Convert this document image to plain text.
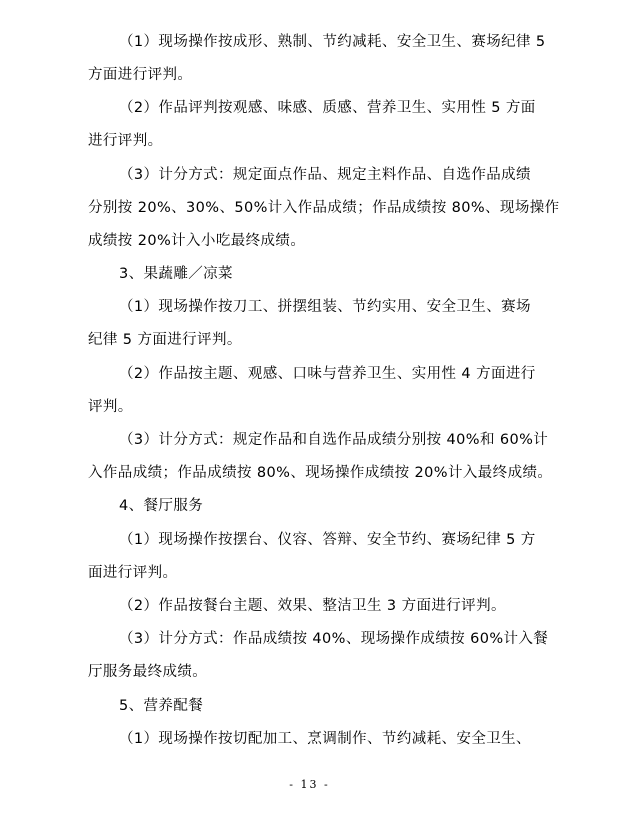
（1）现场操作按成形、熟制、节约减耗、安全卫生、赛场纪律 5
方面进行评判。
（2）作品评判按观感、味感、质感、营养卫生、实用性 5 方面
进行评判。
（3）计分方式：规定面点作品、规定主料作品、自选作品成绩
分别按 20%、30%、50%计入作品成绩；作品成绩按 80%、现场操作
成绩按 20%计入小吃最终成绩。
3、果蔬雕／凉菜
（1）现场操作按刀工、拼摆组装、节约实用、安全卫生、赛场
纪律 5 方面进行评判。
（2）作品按主题、观感、口味与营养卫生、实用性 4 方面进行
评判。
（3）计分方式：规定作品和自选作品成绩分别按 40%和 60%计
入作品成绩；作品成绩按 80%、现场操作成绩按 20%计入最终成绩。
4、餐厅服务
（1）现场操作按摆台、仪容、答辩、安全节约、赛场纪律 5 方
面进行评判。
（2）作品按餐台主题、效果、整洁卫生 3 方面进行评判。
（3）计分方式：作品成绩按 40%、现场操作成绩按 60%计入餐
厅服务最终成绩。
5、营养配餐
（1）现场操作按切配加工、烹调制作、节约减耗、安全卫生、
- 13 -
